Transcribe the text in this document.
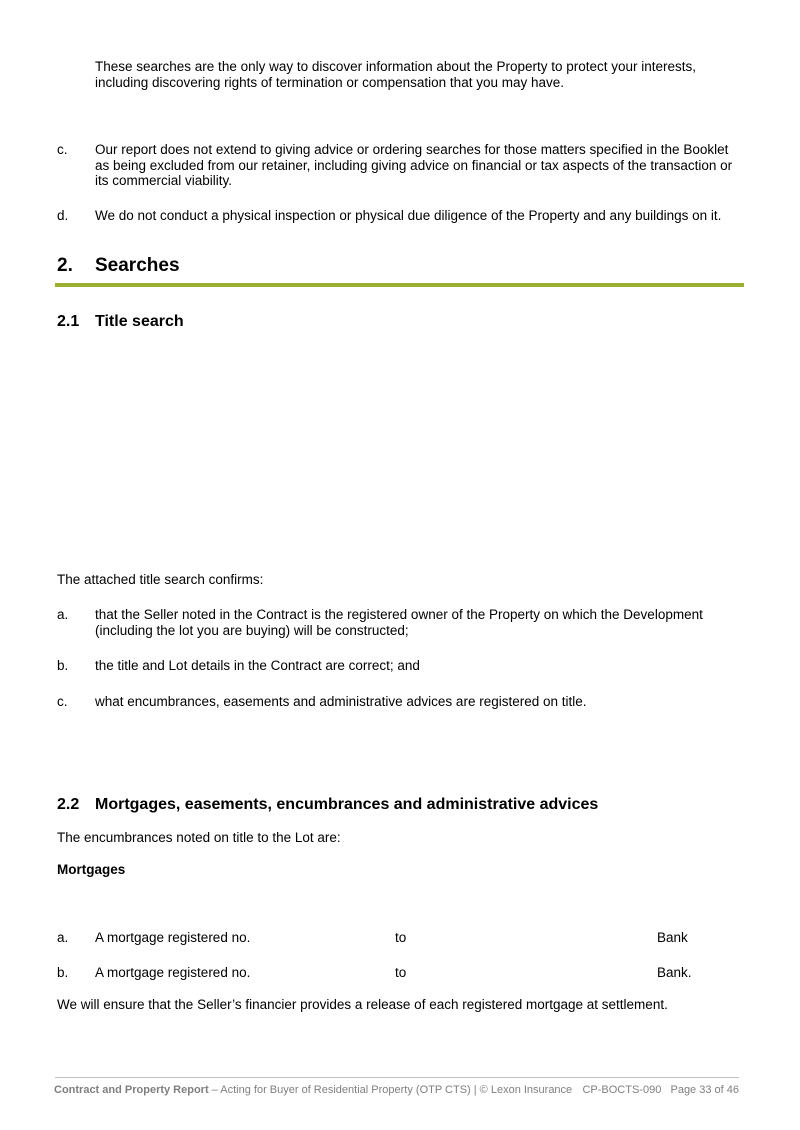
These searches are the only way to discover information about the Property to protect your interests, including discovering rights of termination or compensation that you may have.

c. Our report does not extend to giving advice or ordering searches for those matters specified in the Booklet as being excluded from our retainer, including giving advice on financial or tax aspects of the transaction or its commercial viability.

d. We do not conduct a physical inspection or physical due diligence of the Property and any buildings on it.

2. Searches
2.1 Title search

The attached title search confirms:

a. that the Seller noted in the Contract is the registered owner of the Property on which the Development (including the lot you are buying) will be constructed;

b. the title and Lot details in the Contract are correct; and

c. what encumbrances, easements and administrative advices are registered on title.

2.2 Mortgages, easements, encumbrances and administrative advices

The encumbrances noted on title to the Lot are:

Mortgages

a. A mortgage registered no.	to	Bank
b. A mortgage registered no.	to	Bank.

We will ensure that the Seller’s financier provides a release of each registered mortgage at settlement.

Contract and Property Report – Acting for Buyer of Residential Property (OTP CTS) | © Lexon Insurance CP-BOCTS-090 Page 33 of 46
